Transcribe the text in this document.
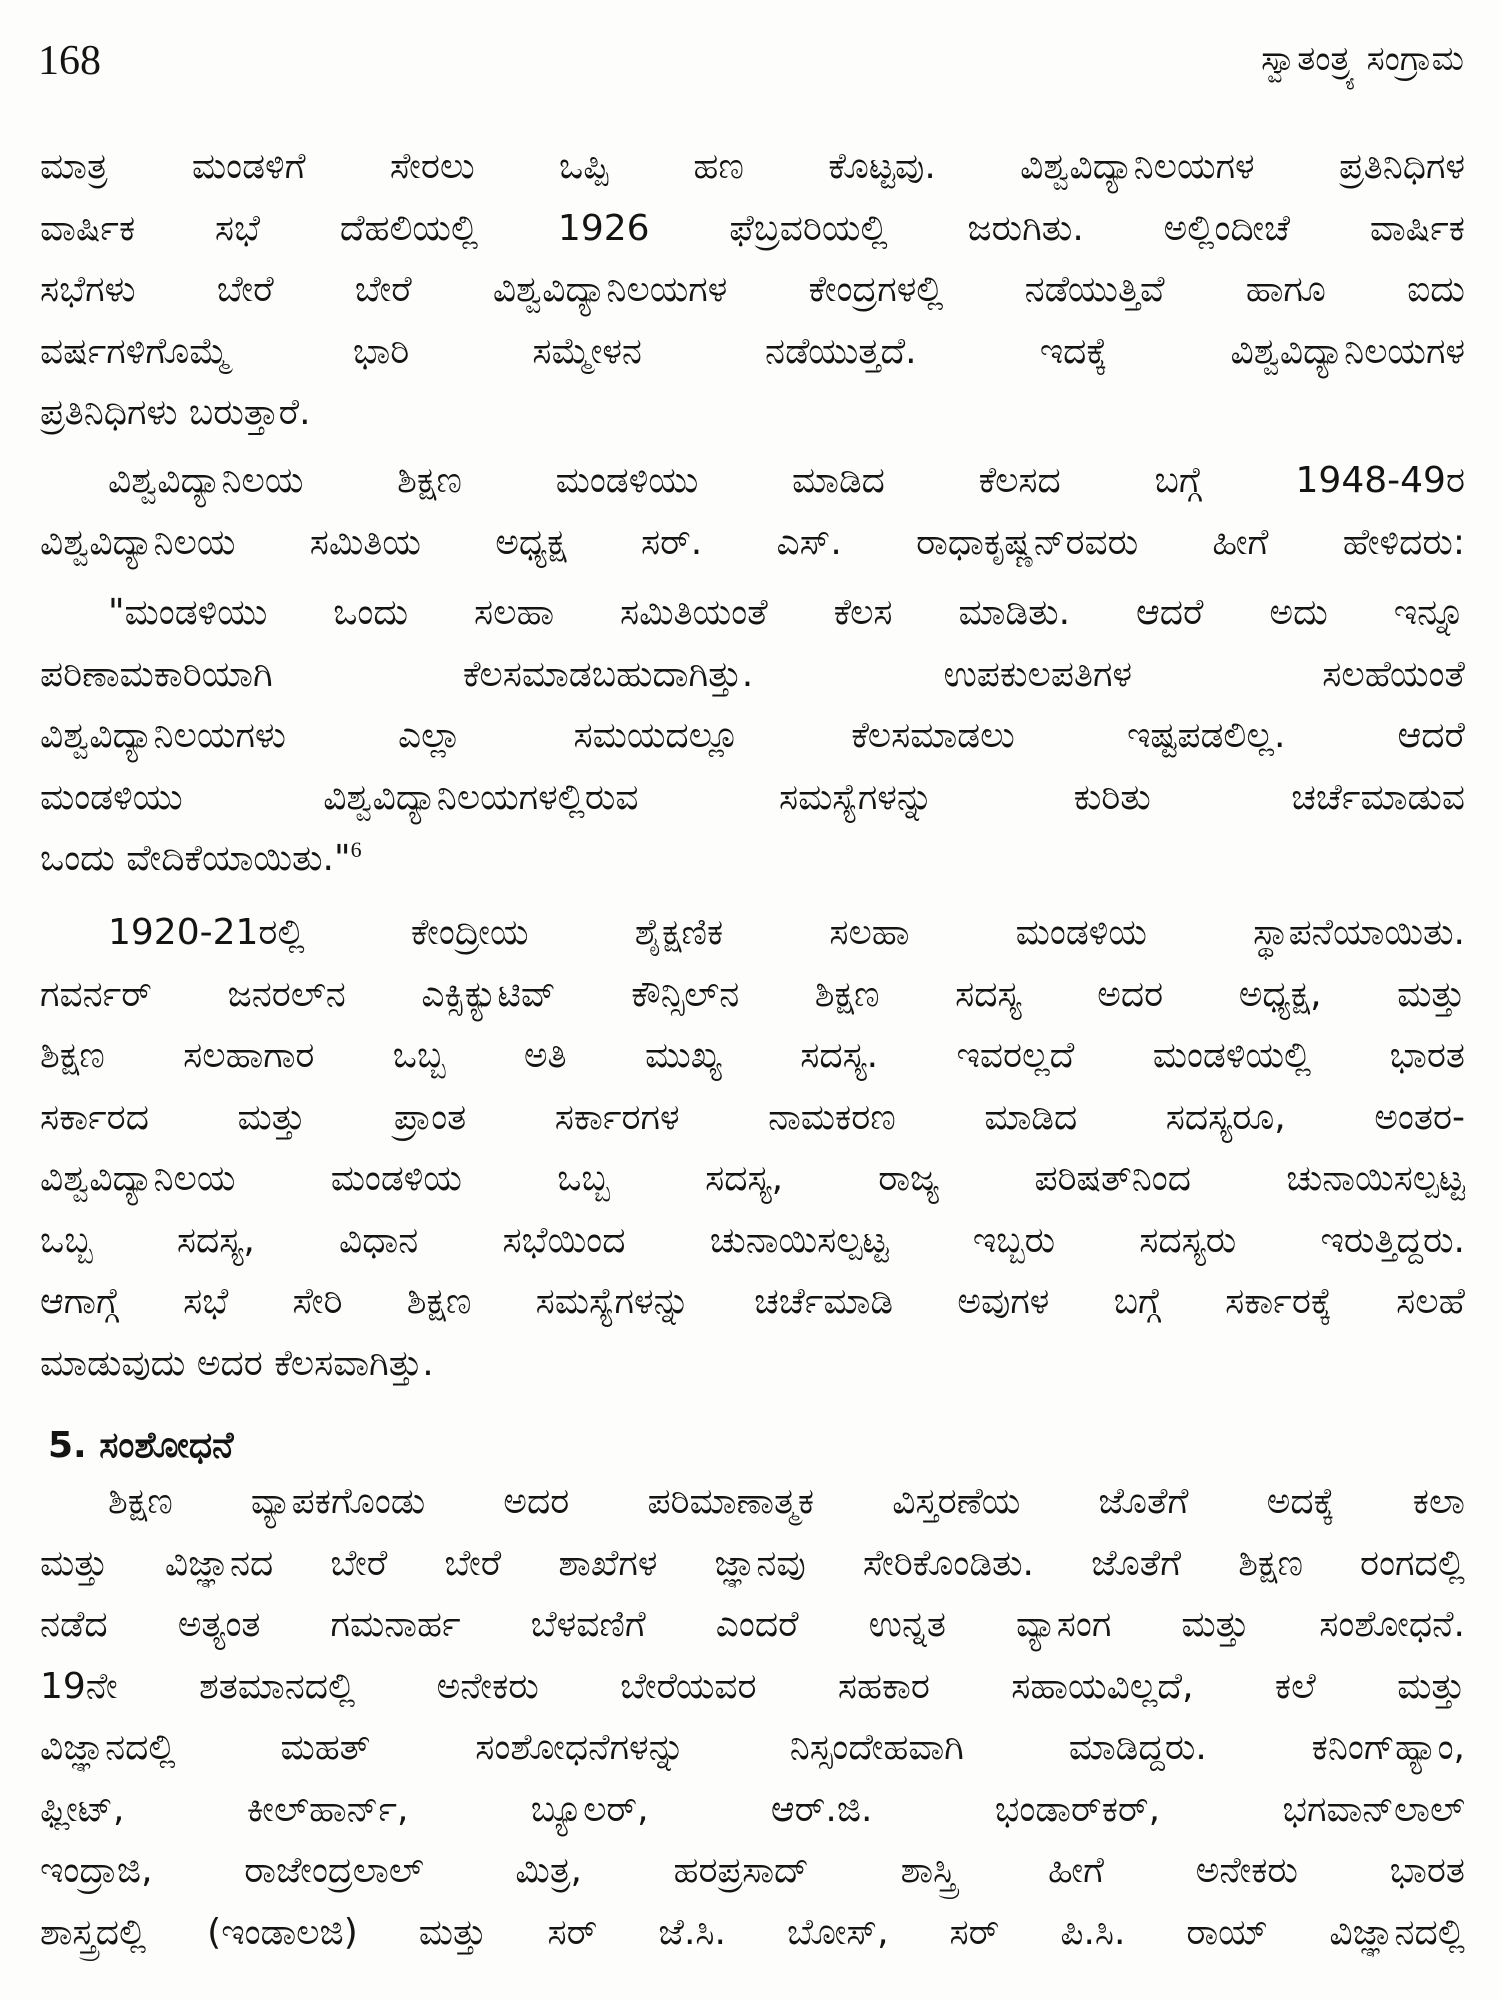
168	ಸ್ವಾತಂತ್ರ್ಯ ಸಂಗ್ರಾಮ
ಮಾತ್ರ ಮಂಡಳಿಗೆ ಸೇರಲು ಒಪ್ಪಿ ಹಣ ಕೊಟ್ಟವು. ವಿಶ್ವವಿದ್ಯಾನಿಲಯಗಳ ಪ್ರತಿನಿಧಿಗಳ
ವಾರ್ಷಿಕ ಸಭೆ ದೆಹಲಿಯಲ್ಲಿ 1926 ಫೆಬ್ರವರಿಯಲ್ಲಿ ಜರುಗಿತು. ಅಲ್ಲಿಂದೀಚೆ ವಾರ್ಷಿಕ
ಸಭೆಗಳು ಬೇರೆ ಬೇರೆ ವಿಶ್ವವಿದ್ಯಾನಿಲಯಗಳ ಕೇಂದ್ರಗಳಲ್ಲಿ ನಡೆಯುತ್ತಿವೆ ಹಾಗೂ ಐದು
ವರ್ಷಗಳಿಗೊಮ್ಮೆ ಭಾರಿ ಸಮ್ಮೇಳನ ನಡೆಯುತ್ತದೆ. ಇದಕ್ಕೆ ವಿಶ್ವವಿದ್ಯಾನಿಲಯಗಳ
ಪ್ರತಿನಿಧಿಗಳು ಬರುತ್ತಾರೆ.
ವಿಶ್ವವಿದ್ಯಾನಿಲಯ ಶಿಕ್ಷಣ ಮಂಡಳಿಯು ಮಾಡಿದ ಕೆಲಸದ ಬಗ್ಗೆ 1948-49ರ
ವಿಶ್ವವಿದ್ಯಾನಿಲಯ ಸಮಿತಿಯ ಅಧ್ಯಕ್ಷ ಸರ್. ಎಸ್. ರಾಧಾಕೃಷ್ಣನ್‌ರವರು ಹೀಗೆ ಹೇಳಿದರು:
"ಮಂಡಳಿಯು ಒಂದು ಸಲಹಾ ಸಮಿತಿಯಂತೆ ಕೆಲಸ ಮಾಡಿತು. ಆದರೆ ಅದು ಇನ್ನೂ
ಪರಿಣಾಮಕಾರಿಯಾಗಿ ಕೆಲಸಮಾಡಬಹುದಾಗಿತ್ತು. ಉಪಕುಲಪತಿಗಳ ಸಲಹೆಯಂತೆ
ವಿಶ್ವವಿದ್ಯಾನಿಲಯಗಳು ಎಲ್ಲಾ ಸಮಯದಲ್ಲೂ ಕೆಲಸಮಾಡಲು ಇಷ್ಟಪಡಲಿಲ್ಲ. ಆದರೆ
ಮಂಡಳಿಯು ವಿಶ್ವವಿದ್ಯಾನಿಲಯಗಳಲ್ಲಿರುವ ಸಮಸ್ಯೆಗಳನ್ನು ಕುರಿತು ಚರ್ಚೆಮಾಡುವ
ಒಂದು ವೇದಿಕೆಯಾಯಿತು."$^6$
1920-21ರಲ್ಲಿ ಕೇಂದ್ರೀಯ ಶೈಕ್ಷಣಿಕ ಸಲಹಾ ಮಂಡಳಿಯ ಸ್ಥಾಪನೆಯಾಯಿತು.
ಗವರ್ನರ್ ಜನರಲ್‌ನ ಎಕ್ಸಿಕ್ಯುಟಿವ್ ಕೌನ್ಸಿಲ್‌ನ ಶಿಕ್ಷಣ ಸದಸ್ಯ ಅದರ ಅಧ್ಯಕ್ಷ, ಮತ್ತು
ಶಿಕ್ಷಣ ಸಲಹಾಗಾರ ಒಬ್ಬ ಅತಿ ಮುಖ್ಯ ಸದಸ್ಯ. ಇವರಲ್ಲದೆ ಮಂಡಳಿಯಲ್ಲಿ ಭಾರತ
ಸರ್ಕಾರದ ಮತ್ತು ಪ್ರಾಂತ ಸರ್ಕಾರಗಳ ನಾಮಕರಣ ಮಾಡಿದ ಸದಸ್ಯರೂ, ಅಂತರ-
ವಿಶ್ವವಿದ್ಯಾನಿಲಯ ಮಂಡಳಿಯ ಒಬ್ಬ ಸದಸ್ಯ, ರಾಜ್ಯ ಪರಿಷತ್‌ನಿಂದ ಚುನಾಯಿಸಲ್ಪಟ್ಟ
ಒಬ್ಬ ಸದಸ್ಯ, ವಿಧಾನ ಸಭೆಯಿಂದ ಚುನಾಯಿಸಲ್ಪಟ್ಟ ಇಬ್ಬರು ಸದಸ್ಯರು ಇರುತ್ತಿದ್ದರು.
ಆಗಾಗ್ಗೆ ಸಭೆ ಸೇರಿ ಶಿಕ್ಷಣ ಸಮಸ್ಯೆಗಳನ್ನು ಚರ್ಚೆಮಾಡಿ ಅವುಗಳ ಬಗ್ಗೆ ಸರ್ಕಾರಕ್ಕೆ ಸಲಹೆ
ಮಾಡುವುದು ಅದರ ಕೆಲಸವಾಗಿತ್ತು.
5. ಸಂಶೋಧನೆ
ಶಿಕ್ಷಣ ವ್ಯಾಪಕಗೊಂಡು ಅದರ ಪರಿಮಾಣಾತ್ಮಕ ವಿಸ್ತರಣೆಯ ಜೊತೆಗೆ ಅದಕ್ಕೆ ಕಲಾ
ಮತ್ತು ವಿಜ್ಞಾನದ ಬೇರೆ ಬೇರೆ ಶಾಖೆಗಳ ಜ್ಞಾನವು ಸೇರಿಕೊಂಡಿತು. ಜೊತೆಗೆ ಶಿಕ್ಷಣ ರಂಗದಲ್ಲಿ
ನಡೆದ ಅತ್ಯಂತ ಗಮನಾರ್ಹ ಬೆಳವಣಿಗೆ ಎಂದರೆ ಉನ್ನತ ವ್ಯಾಸಂಗ ಮತ್ತು ಸಂಶೋಧನೆ.
19ನೇ ಶತಮಾನದಲ್ಲಿ ಅನೇಕರು ಬೇರೆಯವರ ಸಹಕಾರ ಸಹಾಯವಿಲ್ಲದೆ, ಕಲೆ ಮತ್ತು
ವಿಜ್ಞಾನದಲ್ಲಿ ಮಹತ್ ಸಂಶೋಧನೆಗಳನ್ನು ನಿಸ್ಸಂದೇಹವಾಗಿ ಮಾಡಿದ್ದರು. ಕನಿಂಗ್‌ಹ್ಯಾಂ,
ಫ್ಲೀಟ್, ಕೀಲ್‌ಹಾರ್ನ್, ಬ್ಯೂಲರ್, ಆರ್.ಜಿ. ಭಂಡಾರ್‌ಕರ್, ಭಗವಾನ್‌ಲಾಲ್
ಇಂದ್ರಾಜಿ, ರಾಜೇಂದ್ರಲಾಲ್ ಮಿತ್ರ, ಹರಪ್ರಸಾದ್ ಶಾಸ್ತ್ರಿ ಹೀಗೆ ಅನೇಕರು ಭಾರತ
ಶಾಸ್ತ್ರದಲ್ಲಿ (ಇಂಡಾಲಜಿ) ಮತ್ತು ಸರ್ ಜೆ.ಸಿ. ಬೋಸ್, ಸರ್ ಪಿ.ಸಿ. ರಾಯ್ ವಿಜ್ಞಾನದಲ್ಲಿ
